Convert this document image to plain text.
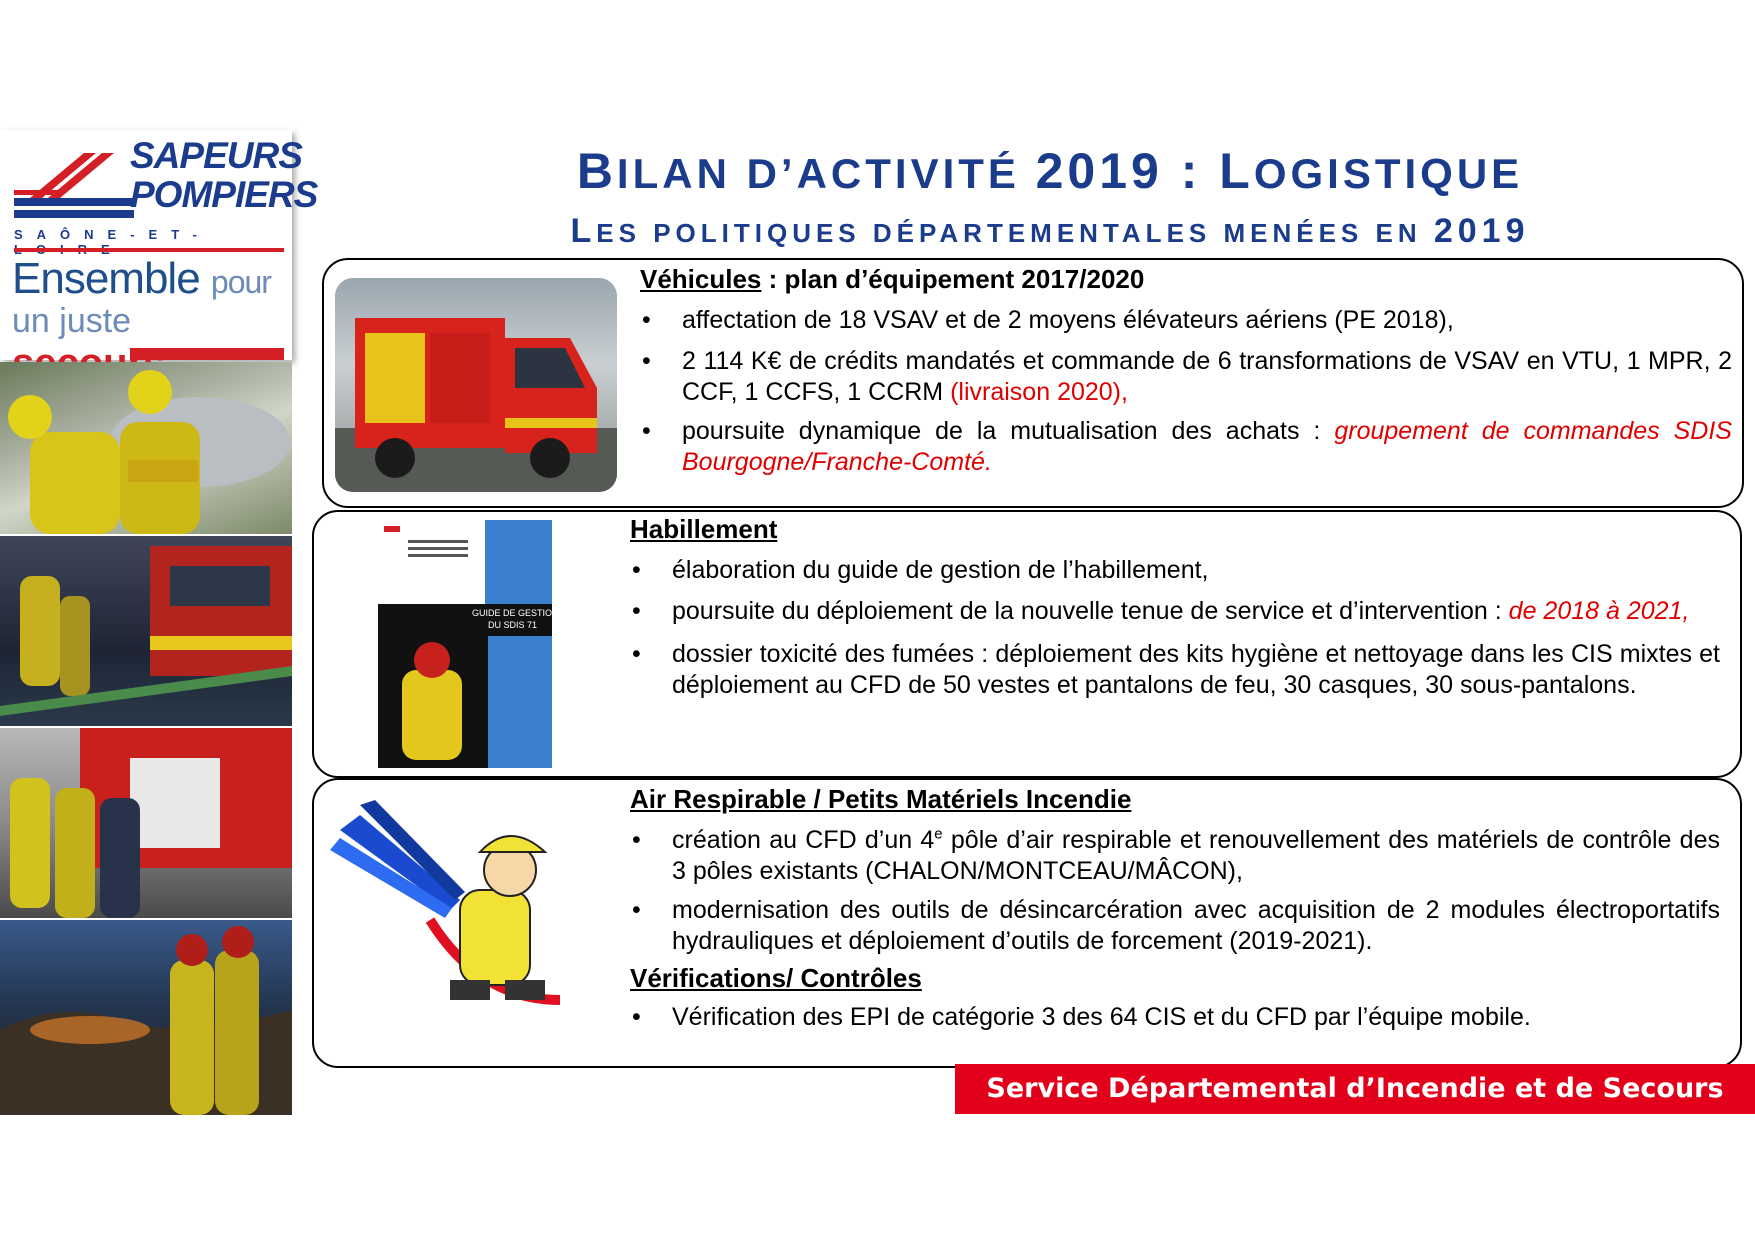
SAPEURS
POMPIERS
SAÔNE-ET-
Ensemble pour
un juste
BILAN D’ACTIVITÉ 2019 : LOGISTIQUE
LES POLITIQUES DÉPARTEMENTALES MENÉES EN 2019
Véhicules : plan d’équipement 2017/2020
• affectation de 18 VSAV et de 2 moyens élévateurs aériens (PE 2018),
• 2 114 K€ de crédits mandatés et commande de 6 transformations de VSAV en VTU, 1 MPR, 2 CCF, 1 CCFS, 1 CCRM (livraison 2020),
• poursuite dynamique de la mutualisation des achats : groupement de commandes SDIS Bourgogne/Franche-Comté.
GUIDE DE GESTION
DU SDIS 71
Habillement
• élaboration du guide de gestion de l’habillement,
• poursuite du déploiement de la nouvelle tenue de service et d’intervention : de 2018 à 2021,
• dossier toxicité des fumées : déploiement des kits hygiène et nettoyage dans les CIS mixtes et déploiement au CFD de 50 vestes et pantalons de feu, 30 casques, 30 sous-pantalons.
Air Respirable / Petits Matériels Incendie
• création au CFD d’un 4e pôle d’air respirable et renouvellement des matériels de contrôle des 3 pôles existants (CHALON/MONTCEAU/MÂCON),
• modernisation des outils de désincarcération avec acquisition de 2 modules électroportatifs hydrauliques et déploiement d’outils de forcement (2019-2021).
Vérifications/ Contrôles
• Vérification des EPI de catégorie 3 des 64 CIS et du CFD par l’équipe mobile.
Service Départemental d’Incendie et de Secours
